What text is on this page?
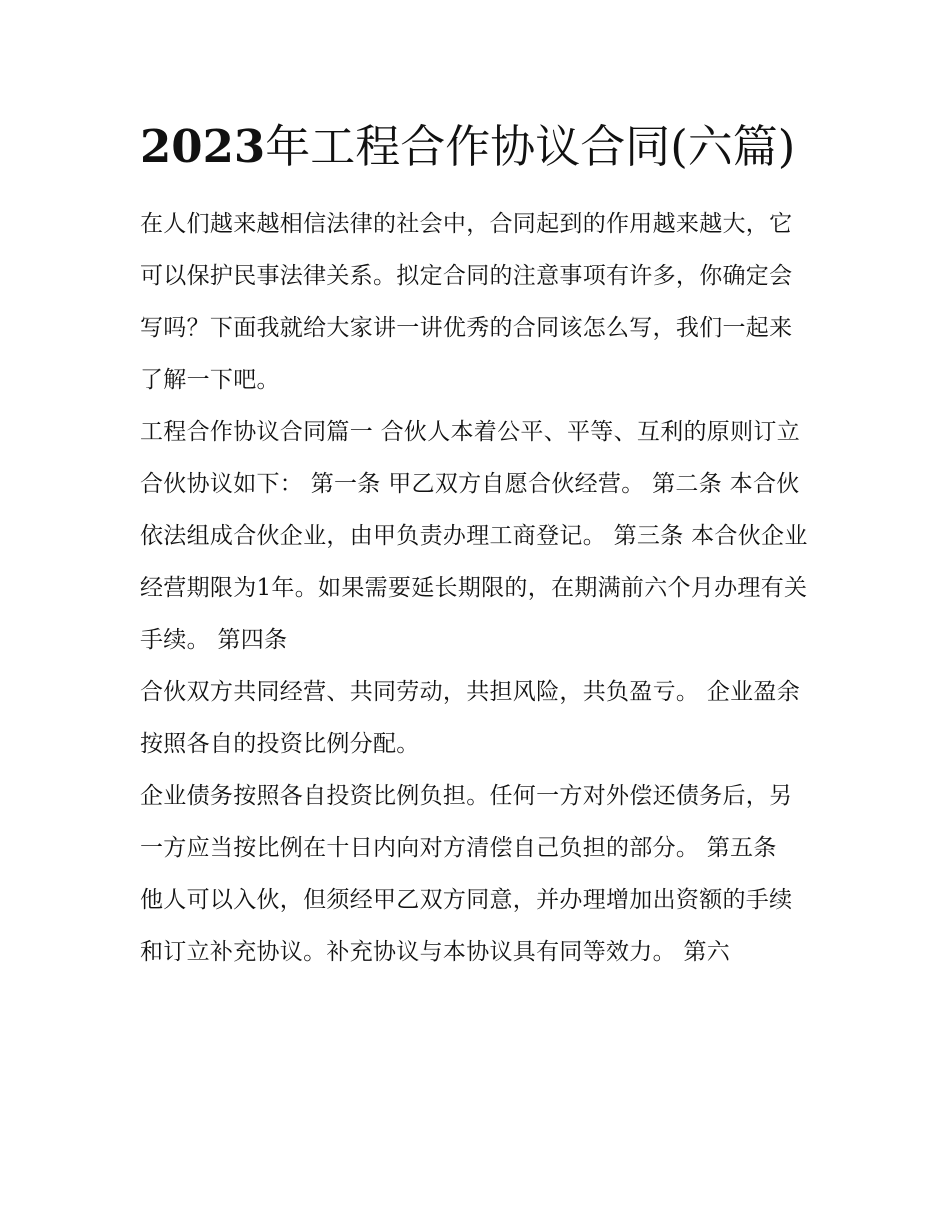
2023年工程合作协议合同(六篇)

在人们越来越相信法律的社会中，合同起到的作用越来越大，它可以保护民事法律关系。拟定合同的注意事项有许多，你确定会写吗？下面我就给大家讲一讲优秀的合同该怎么写，我们一起来了解一下吧。

工程合作协议合同篇一 合伙人本着公平、平等、互利的原则订立合伙协议如下： 第一条 甲乙双方自愿合伙经营。 第二条 本合伙依法组成合伙企业，由甲负责办理工商登记。 第三条 本合伙企业经营期限为1年。如果需要延长期限的，在期满前六个月办理有关手续。 第四条

合伙双方共同经营、共同劳动，共担风险，共负盈亏。 企业盈余按照各自的投资比例分配。

企业债务按照各自投资比例负担。任何一方对外偿还债务后，另一方应当按比例在十日内向对方清偿自己负担的部分。 第五条

他人可以入伙，但须经甲乙双方同意，并办理增加出资额的手续和订立补充协议。补充协议与本协议具有同等效力。 第六
